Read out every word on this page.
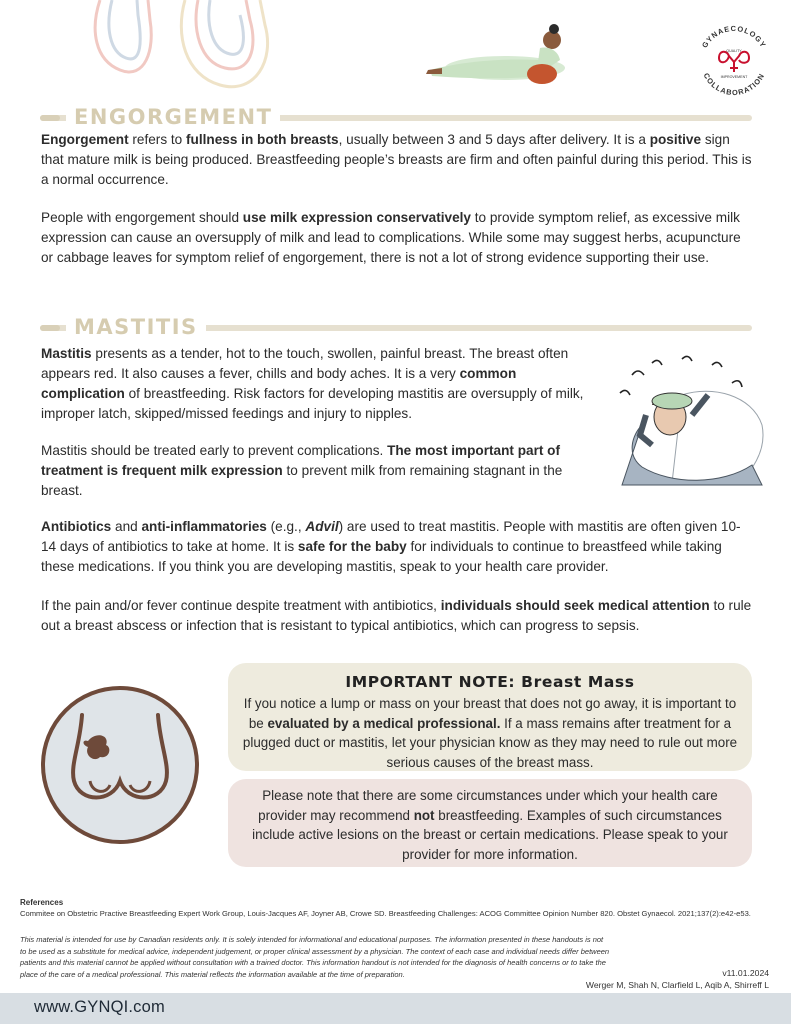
GYNAECOLOGY
COLLABORATION
QUALITY
IMPROVEMENT
ENGORGEMENT

Engorgement refers to fullness in both breasts, usually between 3 and 5 days after delivery. It is a positive sign that mature milk is being produced. Breastfeeding people’s breasts are firm and often painful during this period. This is a normal occurrence.

People with engorgement should use milk expression conservatively to provide symptom relief, as excessive milk expression can cause an oversupply of milk and lead to complications. While some may suggest herbs, acupuncture or cabbage leaves for symptom relief of engorgement, there is not a lot of strong evidence supporting their use.

MASTITIS

Mastitis presents as a tender, hot to the touch, swollen, painful breast. The breast often appears red. It also causes a fever, chills and body aches. It is a very common complication of breastfeeding. Risk factors for developing mastitis are oversupply of milk, improper latch, skipped/missed feedings and injury to nipples.

Mastitis should be treated early to prevent complications. The most important part of treatment is frequent milk expression to prevent milk from remaining stagnant in the breast.

Antibiotics and anti-inflammatories (e.g., Advil) are used to treat mastitis. People with mastitis are often given 10-14 days of antibiotics to take at home. It is safe for the baby for individuals to continue to breastfeed while taking these medications. If you think you are developing mastitis, speak to your health care provider.

If the pain and/or fever continue despite treatment with antibiotics, individuals should seek medical attention to rule out a breast abscess or infection that is resistant to typical antibiotics, which can progress to sepsis.

IMPORTANT NOTE: Breast Mass

If you notice a lump or mass on your breast that does not go away, it is important to be evaluated by a medical professional. If a mass remains after treatment for a plugged duct or mastitis, let your physician know as they may need to rule out more serious causes of the breast mass.

Please note that there are some circumstances under which your health care provider may recommend not breastfeeding. Examples of such circumstances include active lesions on the breast or certain medications. Please speak to your provider for more information.

References
Commitee on Obstetric Practive Breastfeeding Expert Work Group, Louis-Jacques AF, Joyner AB, Crowe SD. Breastfeeding Challenges: ACOG Committee Opinion Number 820. Obstet Gynaecol. 2021;137(2):e42-e53.
This material is intended for use by Canadian residents only. It is solely intended for informational and educational purposes. The information presented in these handouts is not to be used as a substitute for medical advice, independent judgement, or proper clinical assessment by a physician. The context of each case and individual needs differ between patients and this material cannot be applied without consultation with a trained doctor. This information handout is not intended for the diagnosis of health concerns or to take the place of the care of a medical professional. This material reflects the information available at the time of preparation.	v11.01.2024
Werger M, Shah N, Clarfield L, Aqib A, Shirreff L
www.GYNQI.com
